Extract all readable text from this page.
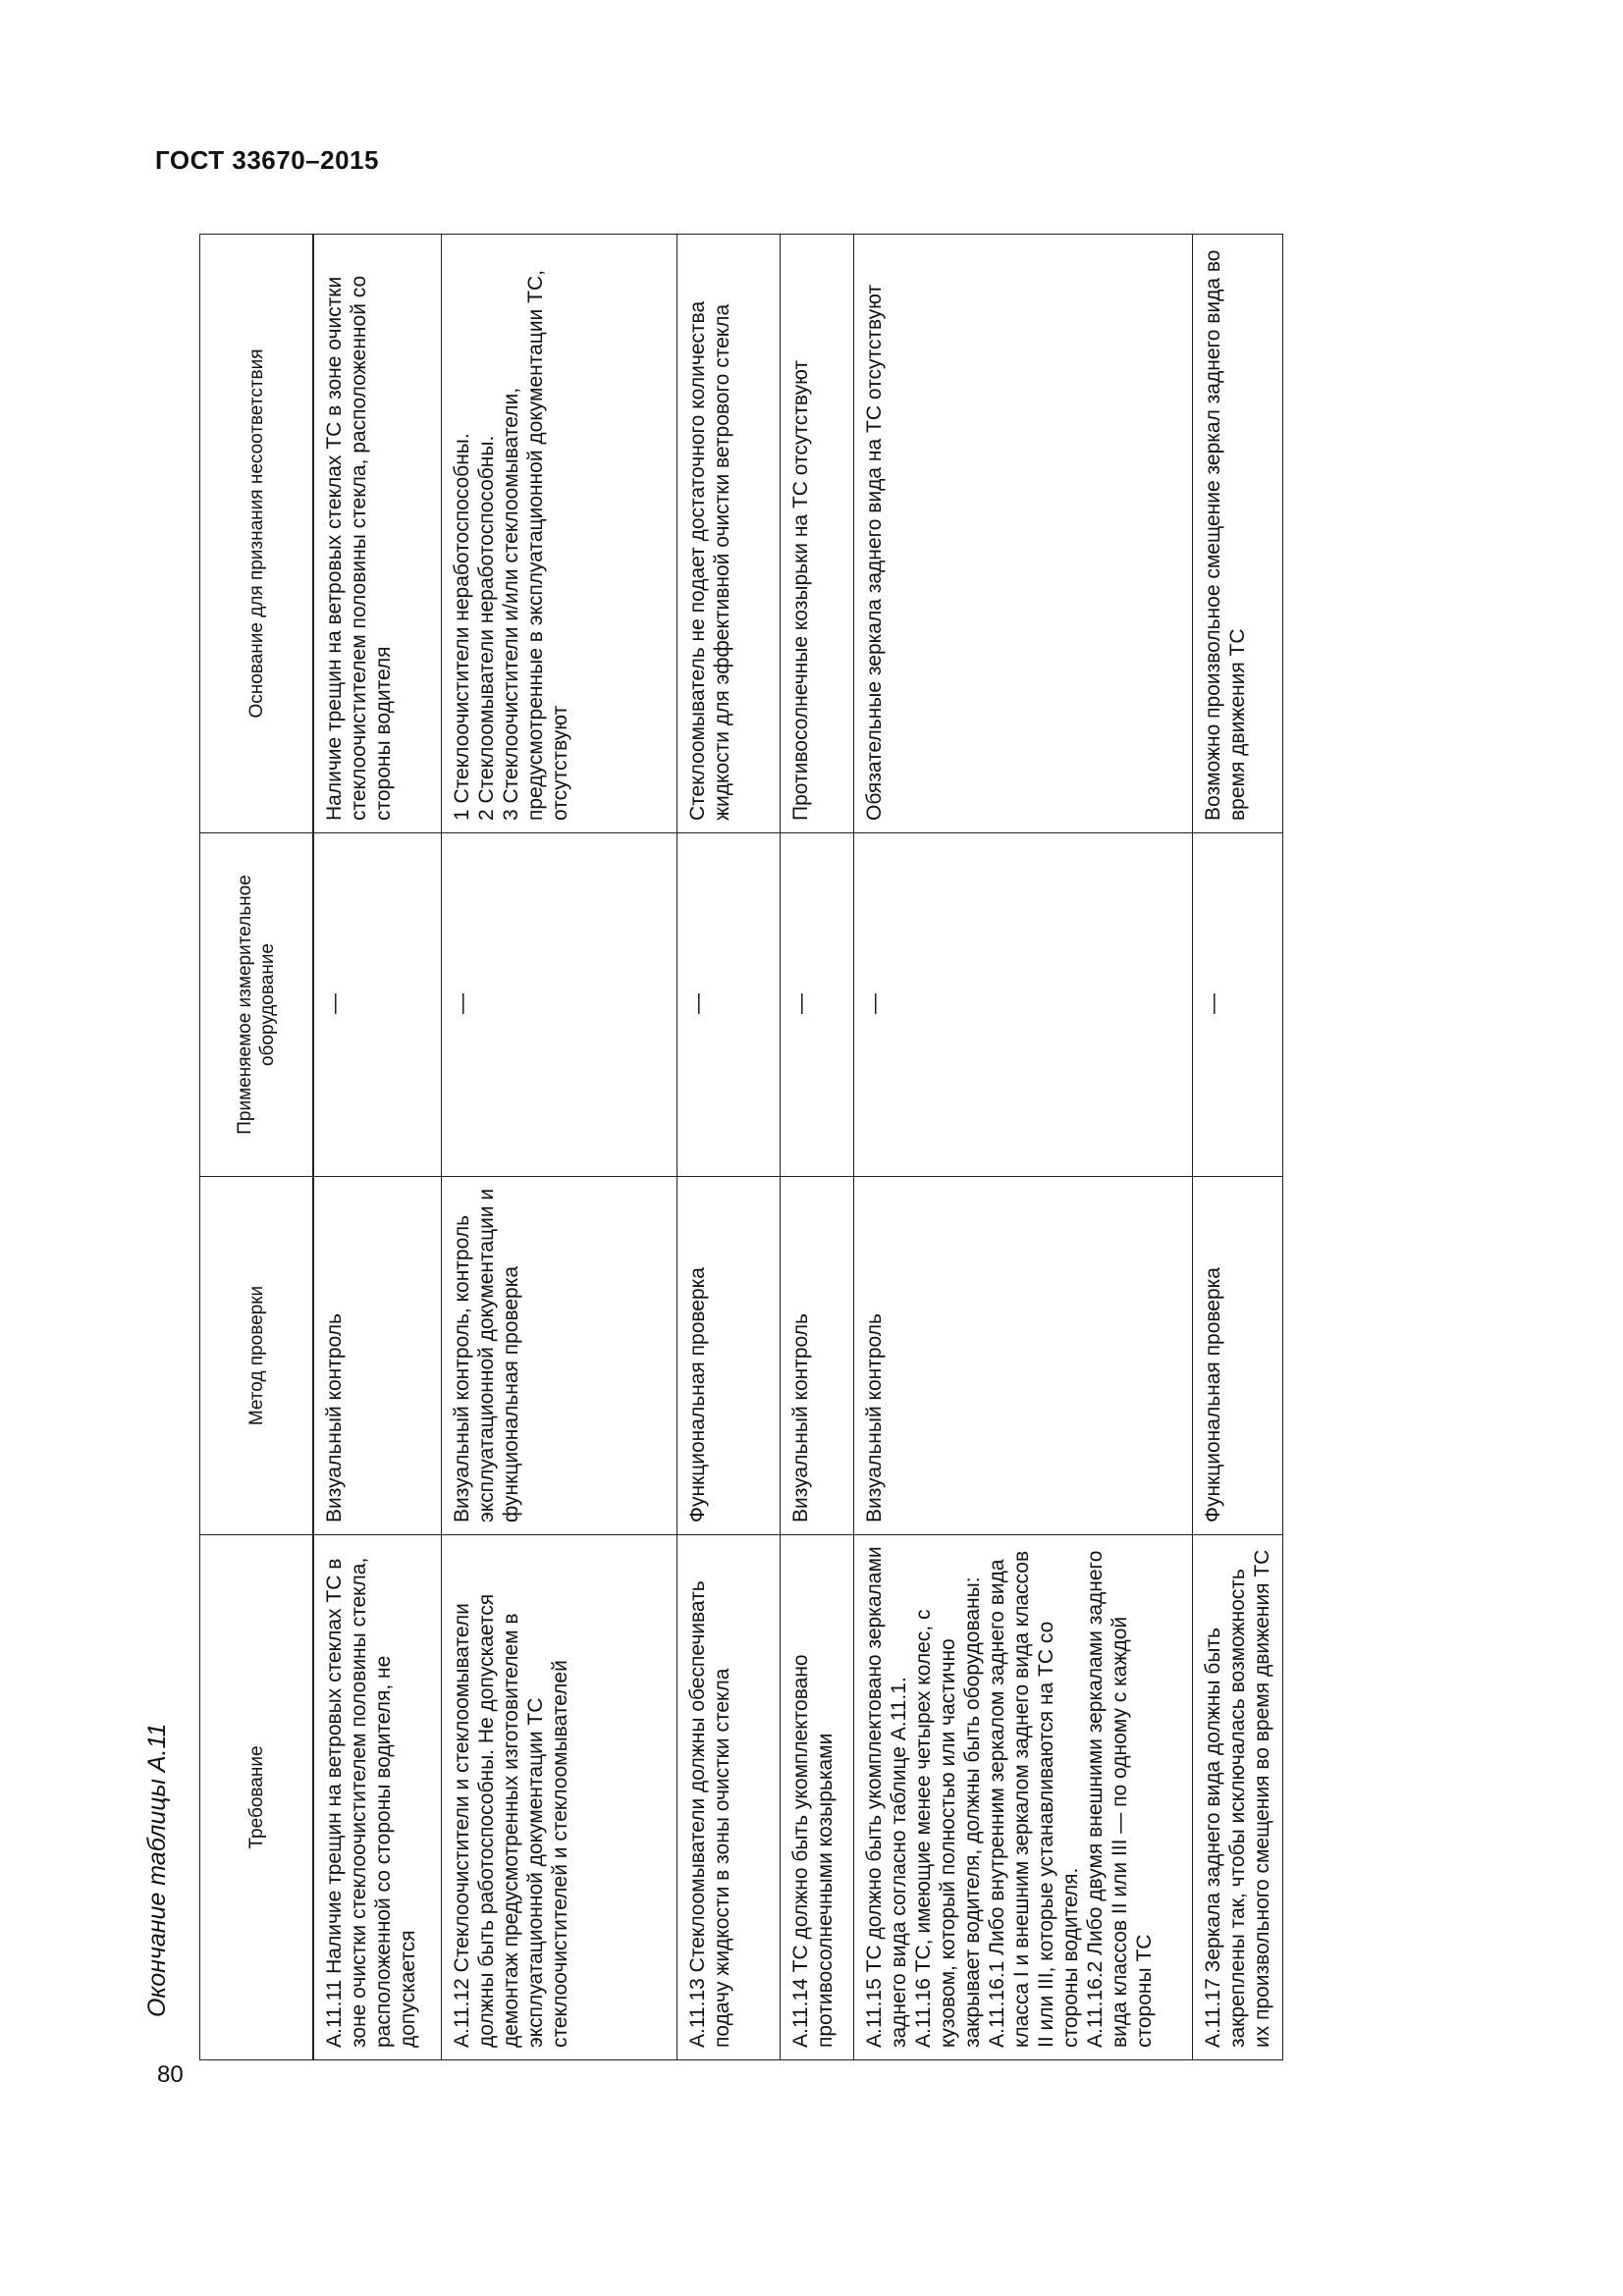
ГОСТ 33670–2015
Окончание таблицы А.11
80
Требование	Метод проверки	Применяемое измерительное оборудование	Основание для признания несоответствия

А.11.11 Наличие трещин на ветровых стеклах ТС в зоне очистки стеклоочистителем половины стекла, расположенной со стороны водителя, не допускается	Визуальный контроль	—	Наличие трещин на ветровых стеклах ТС в зоне очистки стеклоочистителем половины стекла, расположенной со стороны водителя
А.11.12 Стеклоочистители и стеклоомыватели должны быть работоспособны. Не допускается демонтаж предусмотренных изготовителем в эксплуатационной документации ТС стеклоочистителей и стеклоомывателей	Визуальный контроль, контроль эксплуатационной документации и функциональная проверка	—	1 Стеклоочистители неработоспособны.
2 Стеклоомыватели неработоспособны.
3 Стеклоочистители и/или стеклоомыватели, предусмотренные в эксплуатационной документации ТС, отсутствуют
А.11.13 Стеклоомыватели должны обеспечивать подачу жидкости в зоны очистки стекла	Функциональная проверка	—	Стеклоомыватель не подает достаточного количества жидкости для эффективной очистки ветрового стекла
А.11.14 ТС должно быть укомплектовано противосолнечными козырьками	Визуальный контроль	—	Противосолнечные козырьки на ТС отсутствуют
А.11.15 ТС должно быть укомплектовано зеркалами заднего вида согласно таблице А.11.1.
А.11.16 ТС, имеющие менее четырех колес, с кузовом, который полностью или частично закрывает водителя, должны быть оборудованы:
А.11.16.1 Либо внутренним зеркалом заднего вида класса I и внешним зеркалом заднего вида классов II или III, которые устанавливаются на ТС со стороны водителя.
А.11.16.2 Либо двумя внешними зеркалами заднего вида классов II или III — по одному с каждой стороны ТС	Визуальный контроль	—	Обязательные зеркала заднего вида на ТС отсутствуют
А.11.17 Зеркала заднего вида должны быть закреплены так, чтобы исключалась возможность их произвольного смещения во время движения ТС	Функциональная проверка	—	Возможно произвольное смещение зеркал заднего вида во время движения ТС
